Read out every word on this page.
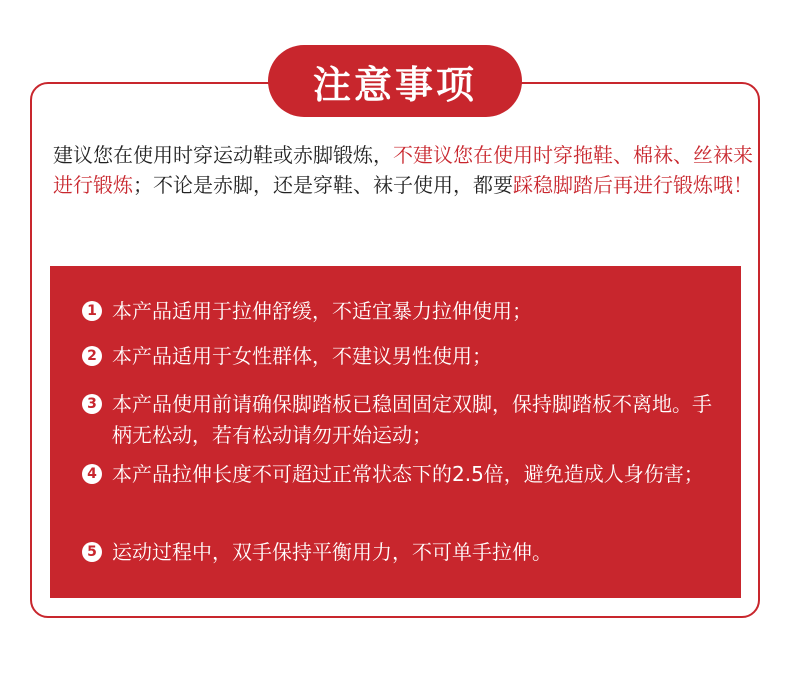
注意事项
建议您在使用时穿运动鞋或赤脚锻炼，不建议您在使用时穿拖鞋、棉袜、丝袜来进行锻炼；不论是赤脚，还是穿鞋、袜子使用，都要踩稳脚踏后再进行锻炼哦！
1 本产品适用于拉伸舒缓，不适宜暴力拉伸使用；
2 本产品适用于女性群体，不建议男性使用；
3 本产品使用前请确保脚踏板已稳固固定双脚，保持脚踏板不离地。手柄无松动，若有松动请勿开始运动；
4 本产品拉伸长度不可超过正常状态下的2.5倍，避免造成人身伤害；
5 运动过程中，双手保持平衡用力，不可单手拉伸。
